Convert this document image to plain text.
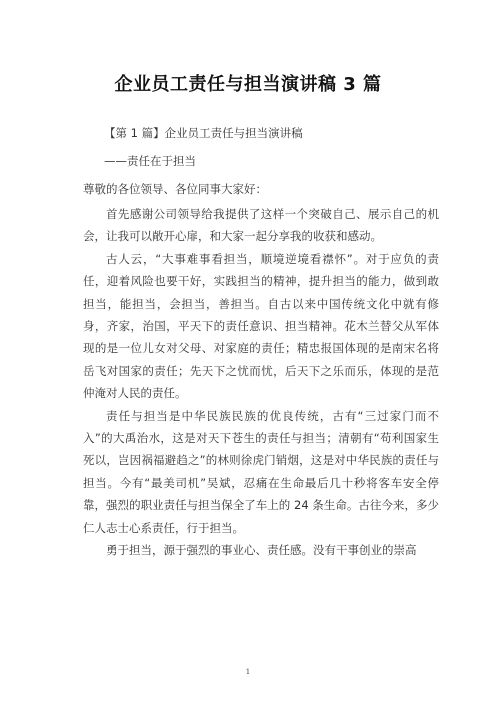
企业员工责任与担当演讲稿 3 篇
【第 1 篇】企业员工责任与担当演讲稿
——责任在于担当
尊敬的各位领导、各位同事大家好：

首先感谢公司领导给我提供了这样一个突破自己、展示自己的机会，让我可以敞开心扉，和大家一起分享我的收获和感动。

古人云，“大事难事看担当，顺境逆境看襟怀”。对于应负的责任，迎着风险也要干好，实践担当的精神，提升担当的能力，做到敢担当，能担当，会担当，善担当。自古以来中国传统文化中就有修身，齐家，治国，平天下的责任意识、担当精神。花木兰替父从军体现的是一位儿女对父母、对家庭的责任；精忠报国体现的是南宋名将岳飞对国家的责任；先天下之忧而忧，后天下之乐而乐，体现的是范仲淹对人民的责任。

责任与担当是中华民族民族的优良传统，古有“三过家门而不入”的大禹治水，这是对天下苍生的责任与担当；清朝有“苟利国家生死以，岂因祸福避趋之”的林则徐虎门销烟，这是对中华民族的责任与担当。今有“最美司机”吴斌，忍痛在生命最后几十秒将客车安全停靠，强烈的职业责任与担当保全了车上的 24 条生命。古往今来，多少仁人志士心系责任，行于担当。

勇于担当，源于强烈的事业心、责任感。没有干事创业的崇高

1
